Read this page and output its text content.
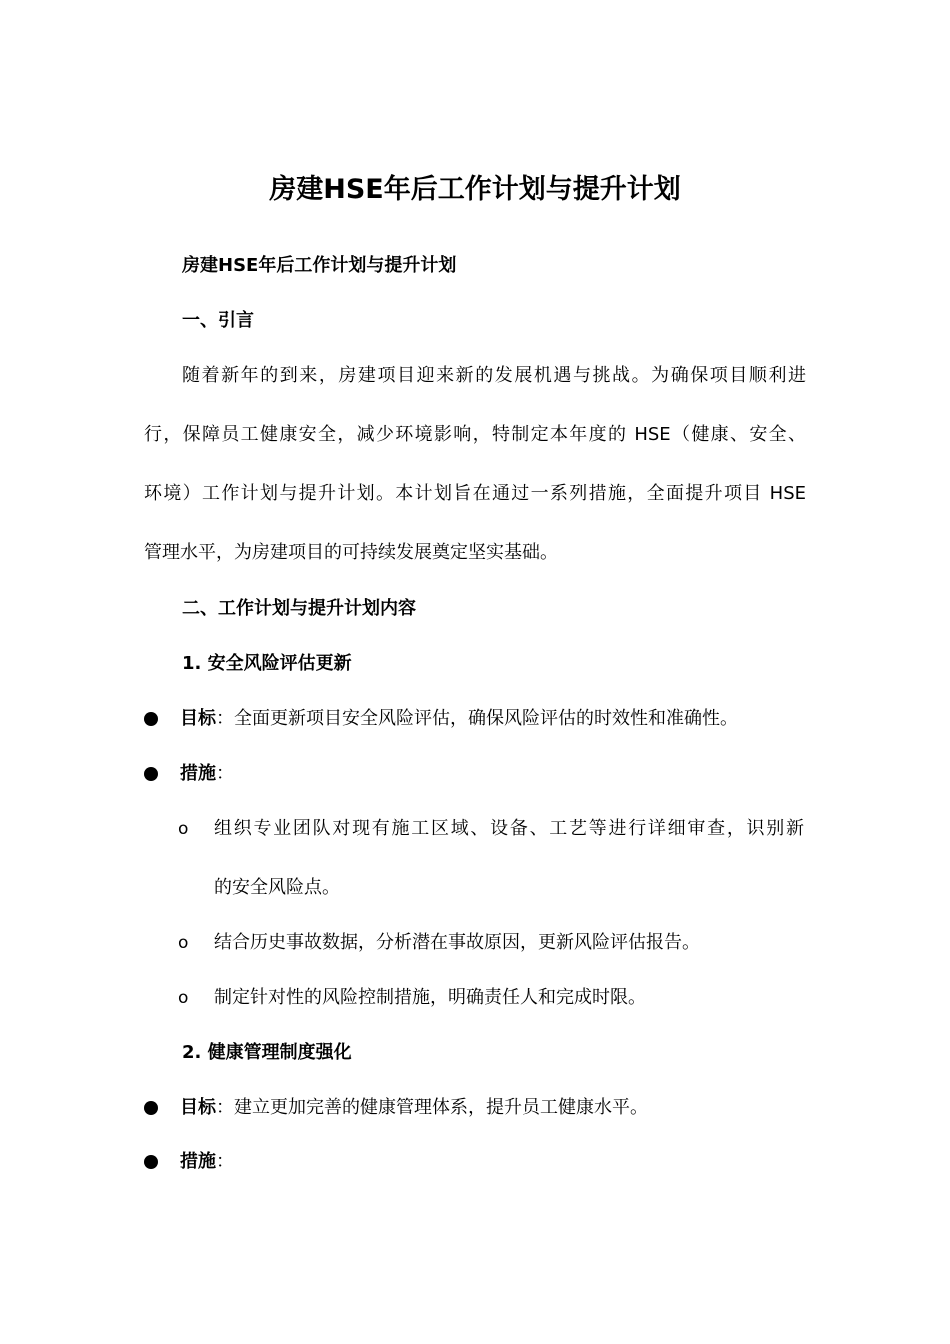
房建HSE年后工作计划与提升计划
房建HSE年后工作计划与提升计划
一、引言
随着新年的到来，房建项目迎来新的发展机遇与挑战。为确保项目顺利进
行，保障员工健康安全，减少环境影响，特制定本年度的 HSE（健康、安全、
环境）工作计划与提升计划。本计划旨在通过一系列措施，全面提升项目 HSE
管理水平，为房建项目的可持续发展奠定坚实基础。
二、工作计划与提升计划内容
1. 安全风险评估更新
目标：全面更新项目安全风险评估，确保风险评估的时效性和准确性。
措施：
o 组织专业团队对现有施工区域、设备、工艺等进行详细审查，识别新
的安全风险点。
o 结合历史事故数据，分析潜在事故原因，更新风险评估报告。
o 制定针对性的风险控制措施，明确责任人和完成时限。
2. 健康管理制度强化
目标：建立更加完善的健康管理体系，提升员工健康水平。
措施：
